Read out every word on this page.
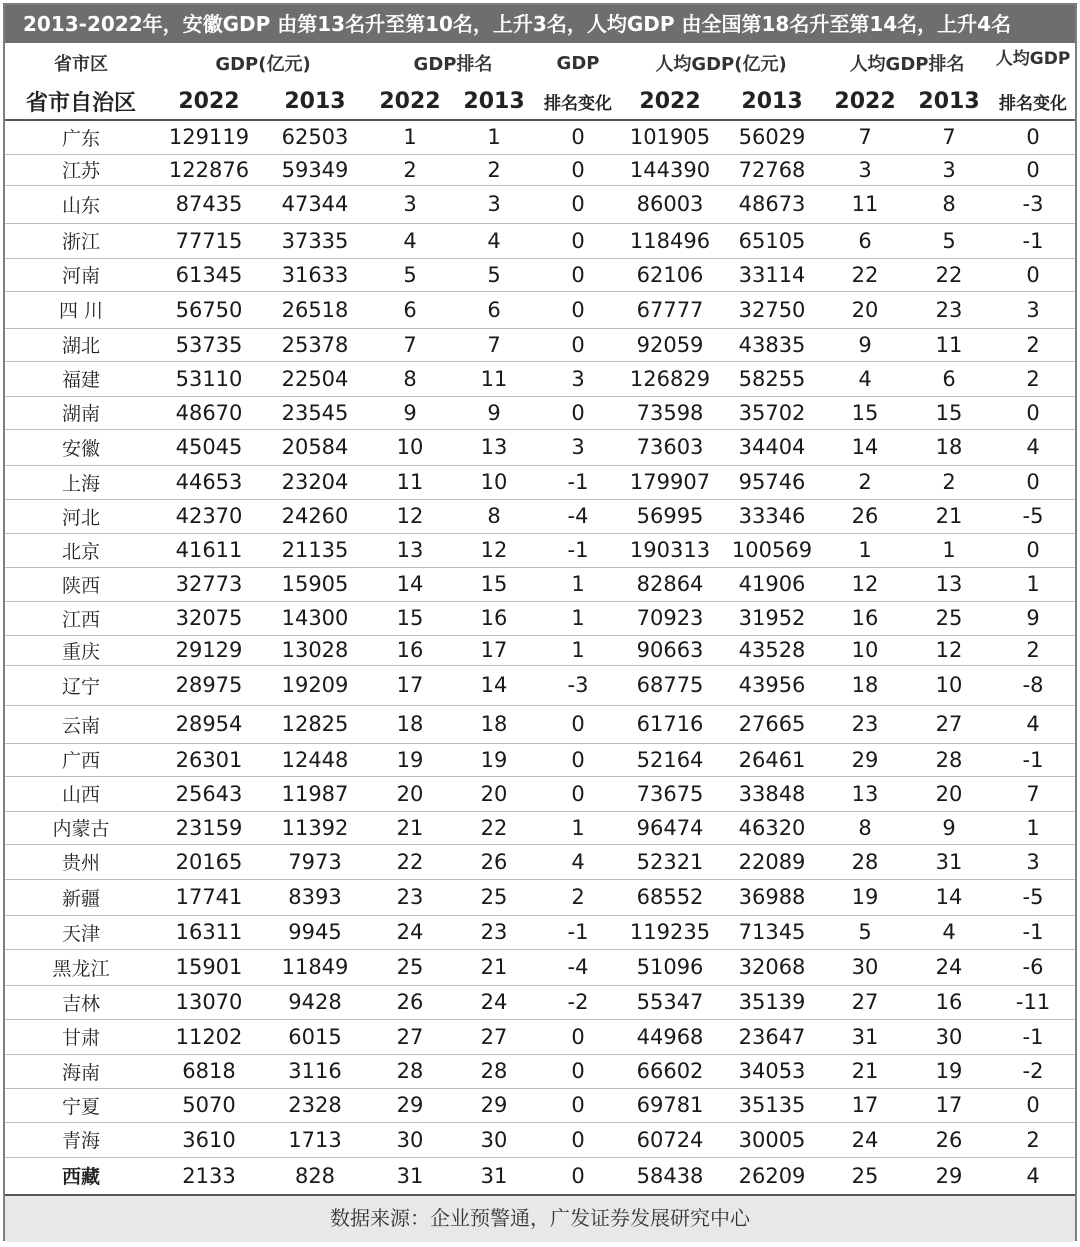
2013-2022年，安徽GDP 由第13名升至第10名，上升3名，人均GDP 由全国第18名升至第14名，上升4名
省市区	GDP(亿元)		GDP排名		GDP	人均GDP(亿元)		人均GDP排名		人均GDP

省市自治区	2022	2013	2022	2013	排名变化	2022	2013	2022	2013	排名变化
广东	129119	62503	1	1	0	101905	56029	7	7	0
江苏	122876	59349	2	2	0	144390	72768	3	3	0
山东	87435	47344	3	3	0	86003	48673	11	8	-3
浙江	77715	37335	4	4	0	118496	65105	6	5	-1
河南	61345	31633	5	5	0	62106	33114	22	22	0
四 川	56750	26518	6	6	0	67777	32750	20	23	3
湖北	53735	25378	7	7	0	92059	43835	9	11	2
福建	53110	22504	8	11	3	126829	58255	4	6	2
湖南	48670	23545	9	9	0	73598	35702	15	15	0
安徽	45045	20584	10	13	3	73603	34404	14	18	4
上海	44653	23204	11	10	-1	179907	95746	2	2	0
河北	42370	24260	12	8	-4	56995	33346	26	21	-5
北京	41611	21135	13	12	-1	190313	100569	1	1	0
陕西	32773	15905	14	15	1	82864	41906	12	13	1
江西	32075	14300	15	16	1	70923	31952	16	25	9
重庆	29129	13028	16	17	1	90663	43528	10	12	2
辽宁	28975	19209	17	14	-3	68775	43956	18	10	-8
云南	28954	12825	18	18	0	61716	27665	23	27	4
广西	26301	12448	19	19	0	52164	26461	29	28	-1
山西	25643	11987	20	20	0	73675	33848	13	20	7
内蒙古	23159	11392	21	22	1	96474	46320	8	9	1
贵州	20165	7973	22	26	4	52321	22089	28	31	3
新疆	17741	8393	23	25	2	68552	36988	19	14	-5
天津	16311	9945	24	23	-1	119235	71345	5	4	-1
黑龙江	15901	11849	25	21	-4	51096	32068	30	24	-6
吉林	13070	9428	26	24	-2	55347	35139	27	16	-11
甘肃	11202	6015	27	27	0	44968	23647	31	30	-1
海南	6818	3116	28	28	0	66602	34053	21	19	-2
宁夏	5070	2328	29	29	0	69781	35135	17	17	0
青海	3610	1713	30	30	0	60724	30005	24	26	2
西藏	2133	828	31	31	0	58438	26209	25	29	4
数据来源：企业预警通，广发证券发展研究中心
